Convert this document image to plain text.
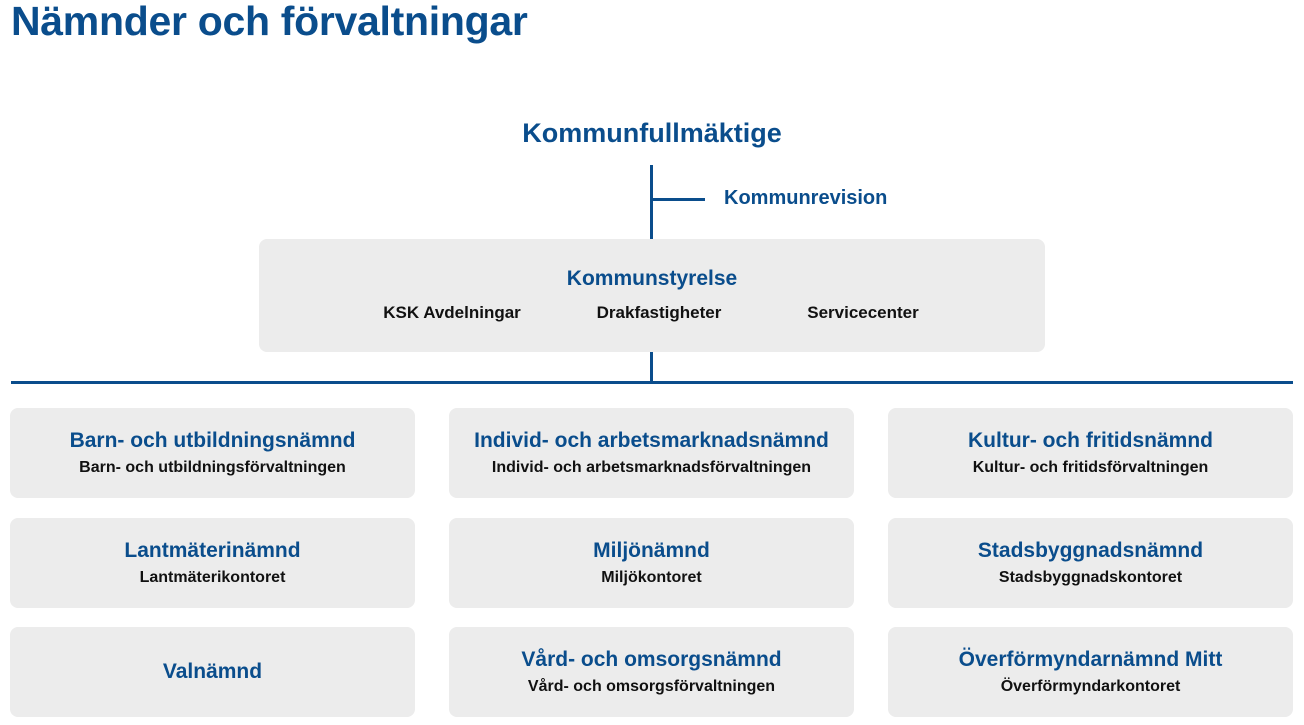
Nämnder och förvaltningar
Kommunfullmäktige
Kommunrevision
Kommunstyrelse
KSK Avdelningar	Drakfastigheter	Servicecenter
Barn- och utbildningsnämnd
Barn- och utbildningsförvaltningen
Individ- och arbetsmarknadsnämnd
Individ- och arbetsmarknadsförvaltningen
Kultur- och fritidsnämnd
Kultur- och fritidsförvaltningen
Lantmäterinämnd
Lantmäterikontoret
Miljönämnd
Miljökontoret
Stadsbyggnadsnämnd
Stadsbyggnadskontoret
Valnämnd
Vård- och omsorgsnämnd
Vård- och omsorgsförvaltningen
Överförmyndarnämnd Mitt
Överförmyndarkontoret
